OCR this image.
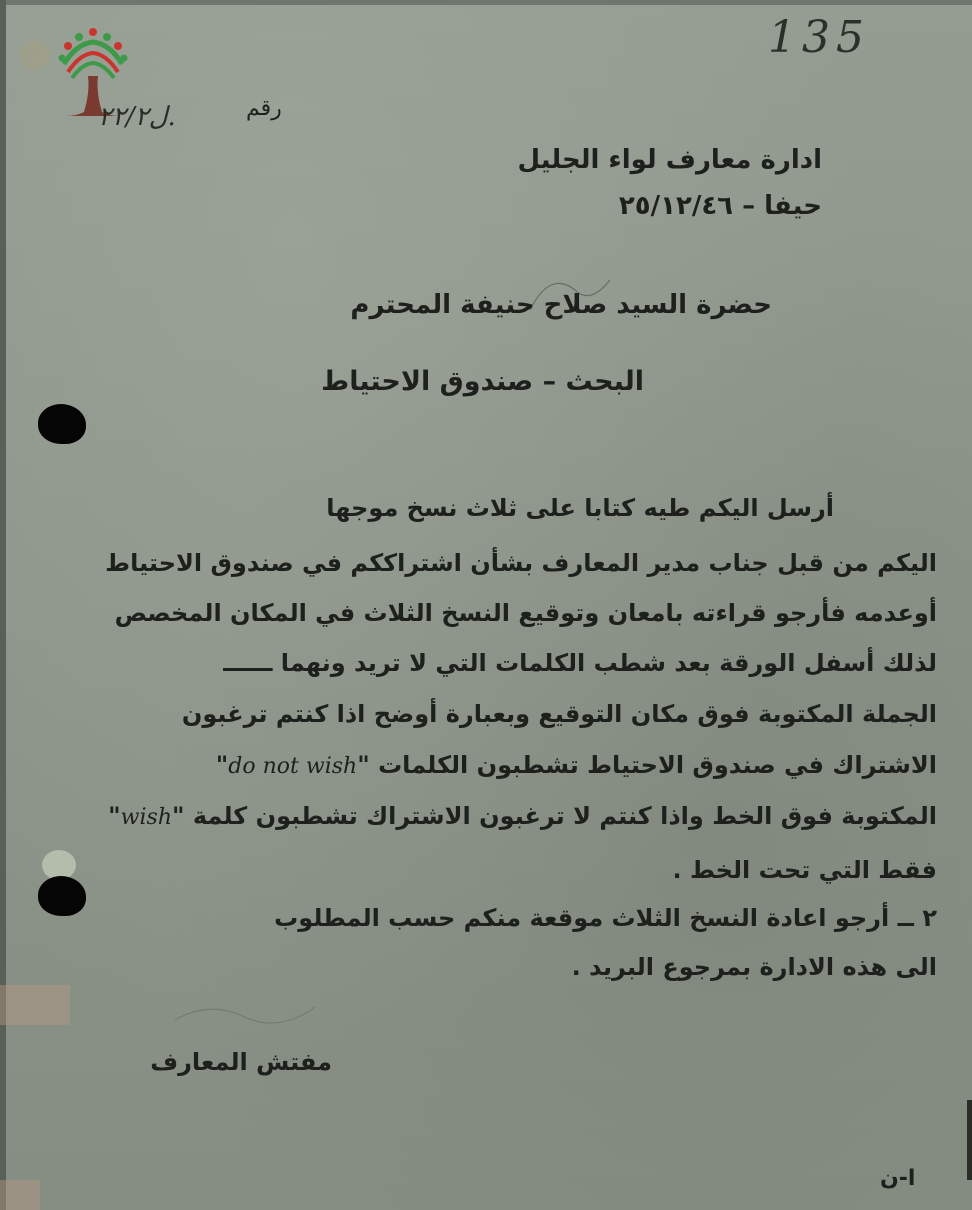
135
ل٢٢/٢.	رقم
ادارة معارف لواء الجليل
حيفا – ٢٥/١٢/٤٦
حضرة السيد صلاح حنيفة المحترم
البحث – صندوق الاحتياط
أرسل اليكم طيه كتابا على ثلاث نسخ موجها
اليكم من قبل جناب مدير المعارف بشأن اشتراككم في صندوق الاحتياط
أوعدمه فأرجو قراءته بامعان وتوقيع النسخ الثلاث في المكان المخصص
لذلك أسفل الورقة بعد شطب الكلمات التي لا تريد ونهما ــــــ
الجملة المكتوبة فوق مكان التوقيع وبعبارة أوضح اذا كنتم ترغبون
الاشتراك في صندوق الاحتياط تشطبون الكلمات "do not wish"
المكتوبة فوق الخط واذا كنتم لا ترغبون الاشتراك تشطبون كلمة "wish"
فقط التي تحت الخط .
٢ ــ أرجو اعادة النسخ الثلاث موقعة منكم حسب المطلوب
الى هذه الادارة بمرجوع البريد .
مفتش المعارف
ا-ن
